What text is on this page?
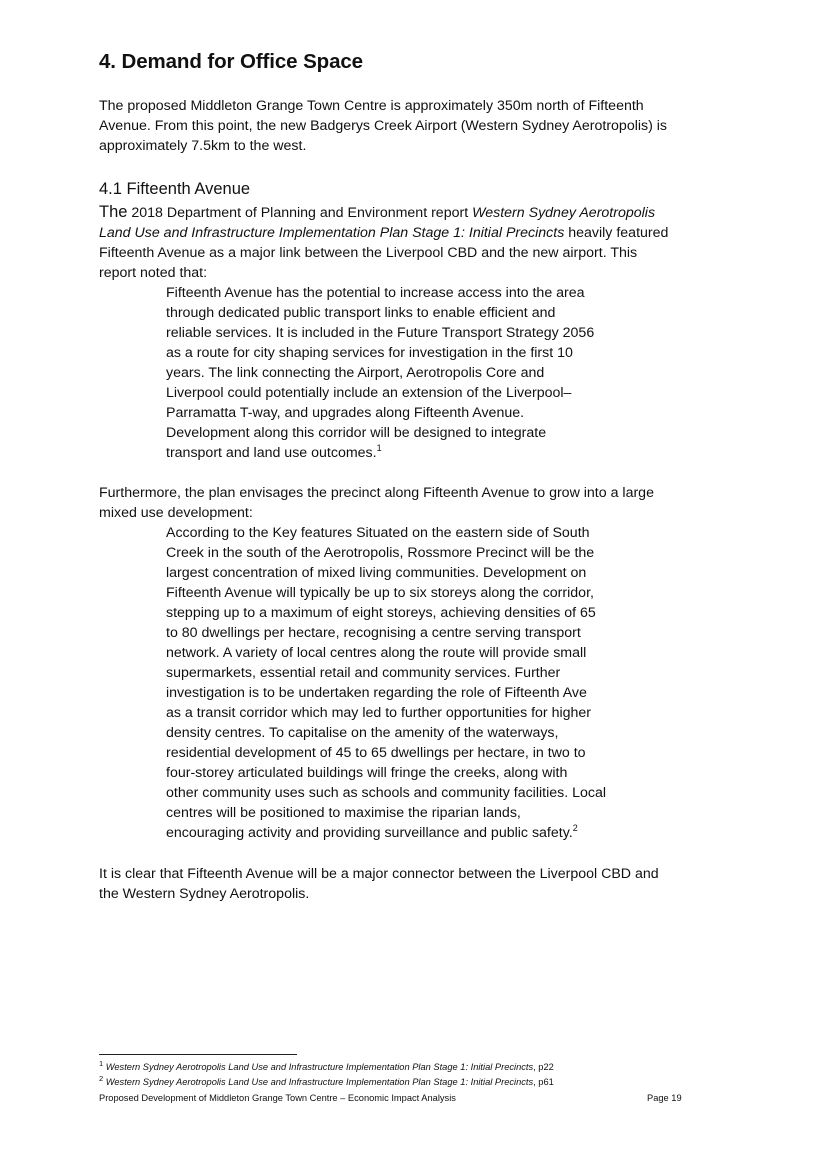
4. Demand for Office Space

The proposed Middleton Grange Town Centre is approximately 350m north of Fifteenth
Avenue. From this point, the new Badgerys Creek Airport (Western Sydney Aerotropolis) is
approximately 7.5km to the west.

4.1 Fifteenth Avenue

The 2018 Department of Planning and Environment report Western Sydney Aerotropolis
Land Use and Infrastructure Implementation Plan Stage 1: Initial Precincts heavily featured
Fifteenth Avenue as a major link between the Liverpool CBD and the new airport. This
report noted that:

Fifteenth Avenue has the potential to increase access into the area
through dedicated public transport links to enable efficient and
reliable services. It is included in the Future Transport Strategy 2056
as a route for city shaping services for investigation in the first 10
years. The link connecting the Airport, Aerotropolis Core and
Liverpool could potentially include an extension of the Liverpool–
Parramatta T-way, and upgrades along Fifteenth Avenue.
Development along this corridor will be designed to integrate
transport and land use outcomes.$^1$

Furthermore, the plan envisages the precinct along Fifteenth Avenue to grow into a large
mixed use development:

According to the Key features Situated on the eastern side of South
Creek in the south of the Aerotropolis, Rossmore Precinct will be the
largest concentration of mixed living communities. Development on
Fifteenth Avenue will typically be up to six storeys along the corridor,
stepping up to a maximum of eight storeys, achieving densities of 65
to 80 dwellings per hectare, recognising a centre serving transport
network. A variety of local centres along the route will provide small
supermarkets, essential retail and community services. Further
investigation is to be undertaken regarding the role of Fifteenth Ave
as a transit corridor which may led to further opportunities for higher
density centres. To capitalise on the amenity of the waterways,
residential development of 45 to 65 dwellings per hectare, in two to
four-storey articulated buildings will fringe the creeks, along with
other community uses such as schools and community facilities. Local
centres will be positioned to maximise the riparian lands,
encouraging activity and providing surveillance and public safety.$^2$

It is clear that Fifteenth Avenue will be a major connector between the Liverpool CBD and
the Western Sydney Aerotropolis.

$^1$ Western Sydney Aerotropolis Land Use and Infrastructure Implementation Plan Stage 1: Initial Precincts, p22
$^2$ Western Sydney Aerotropolis Land Use and Infrastructure Implementation Plan Stage 1: Initial Precincts, p61
Proposed Development of Middleton Grange Town Centre – Economic Impact Analysis	Page 19
